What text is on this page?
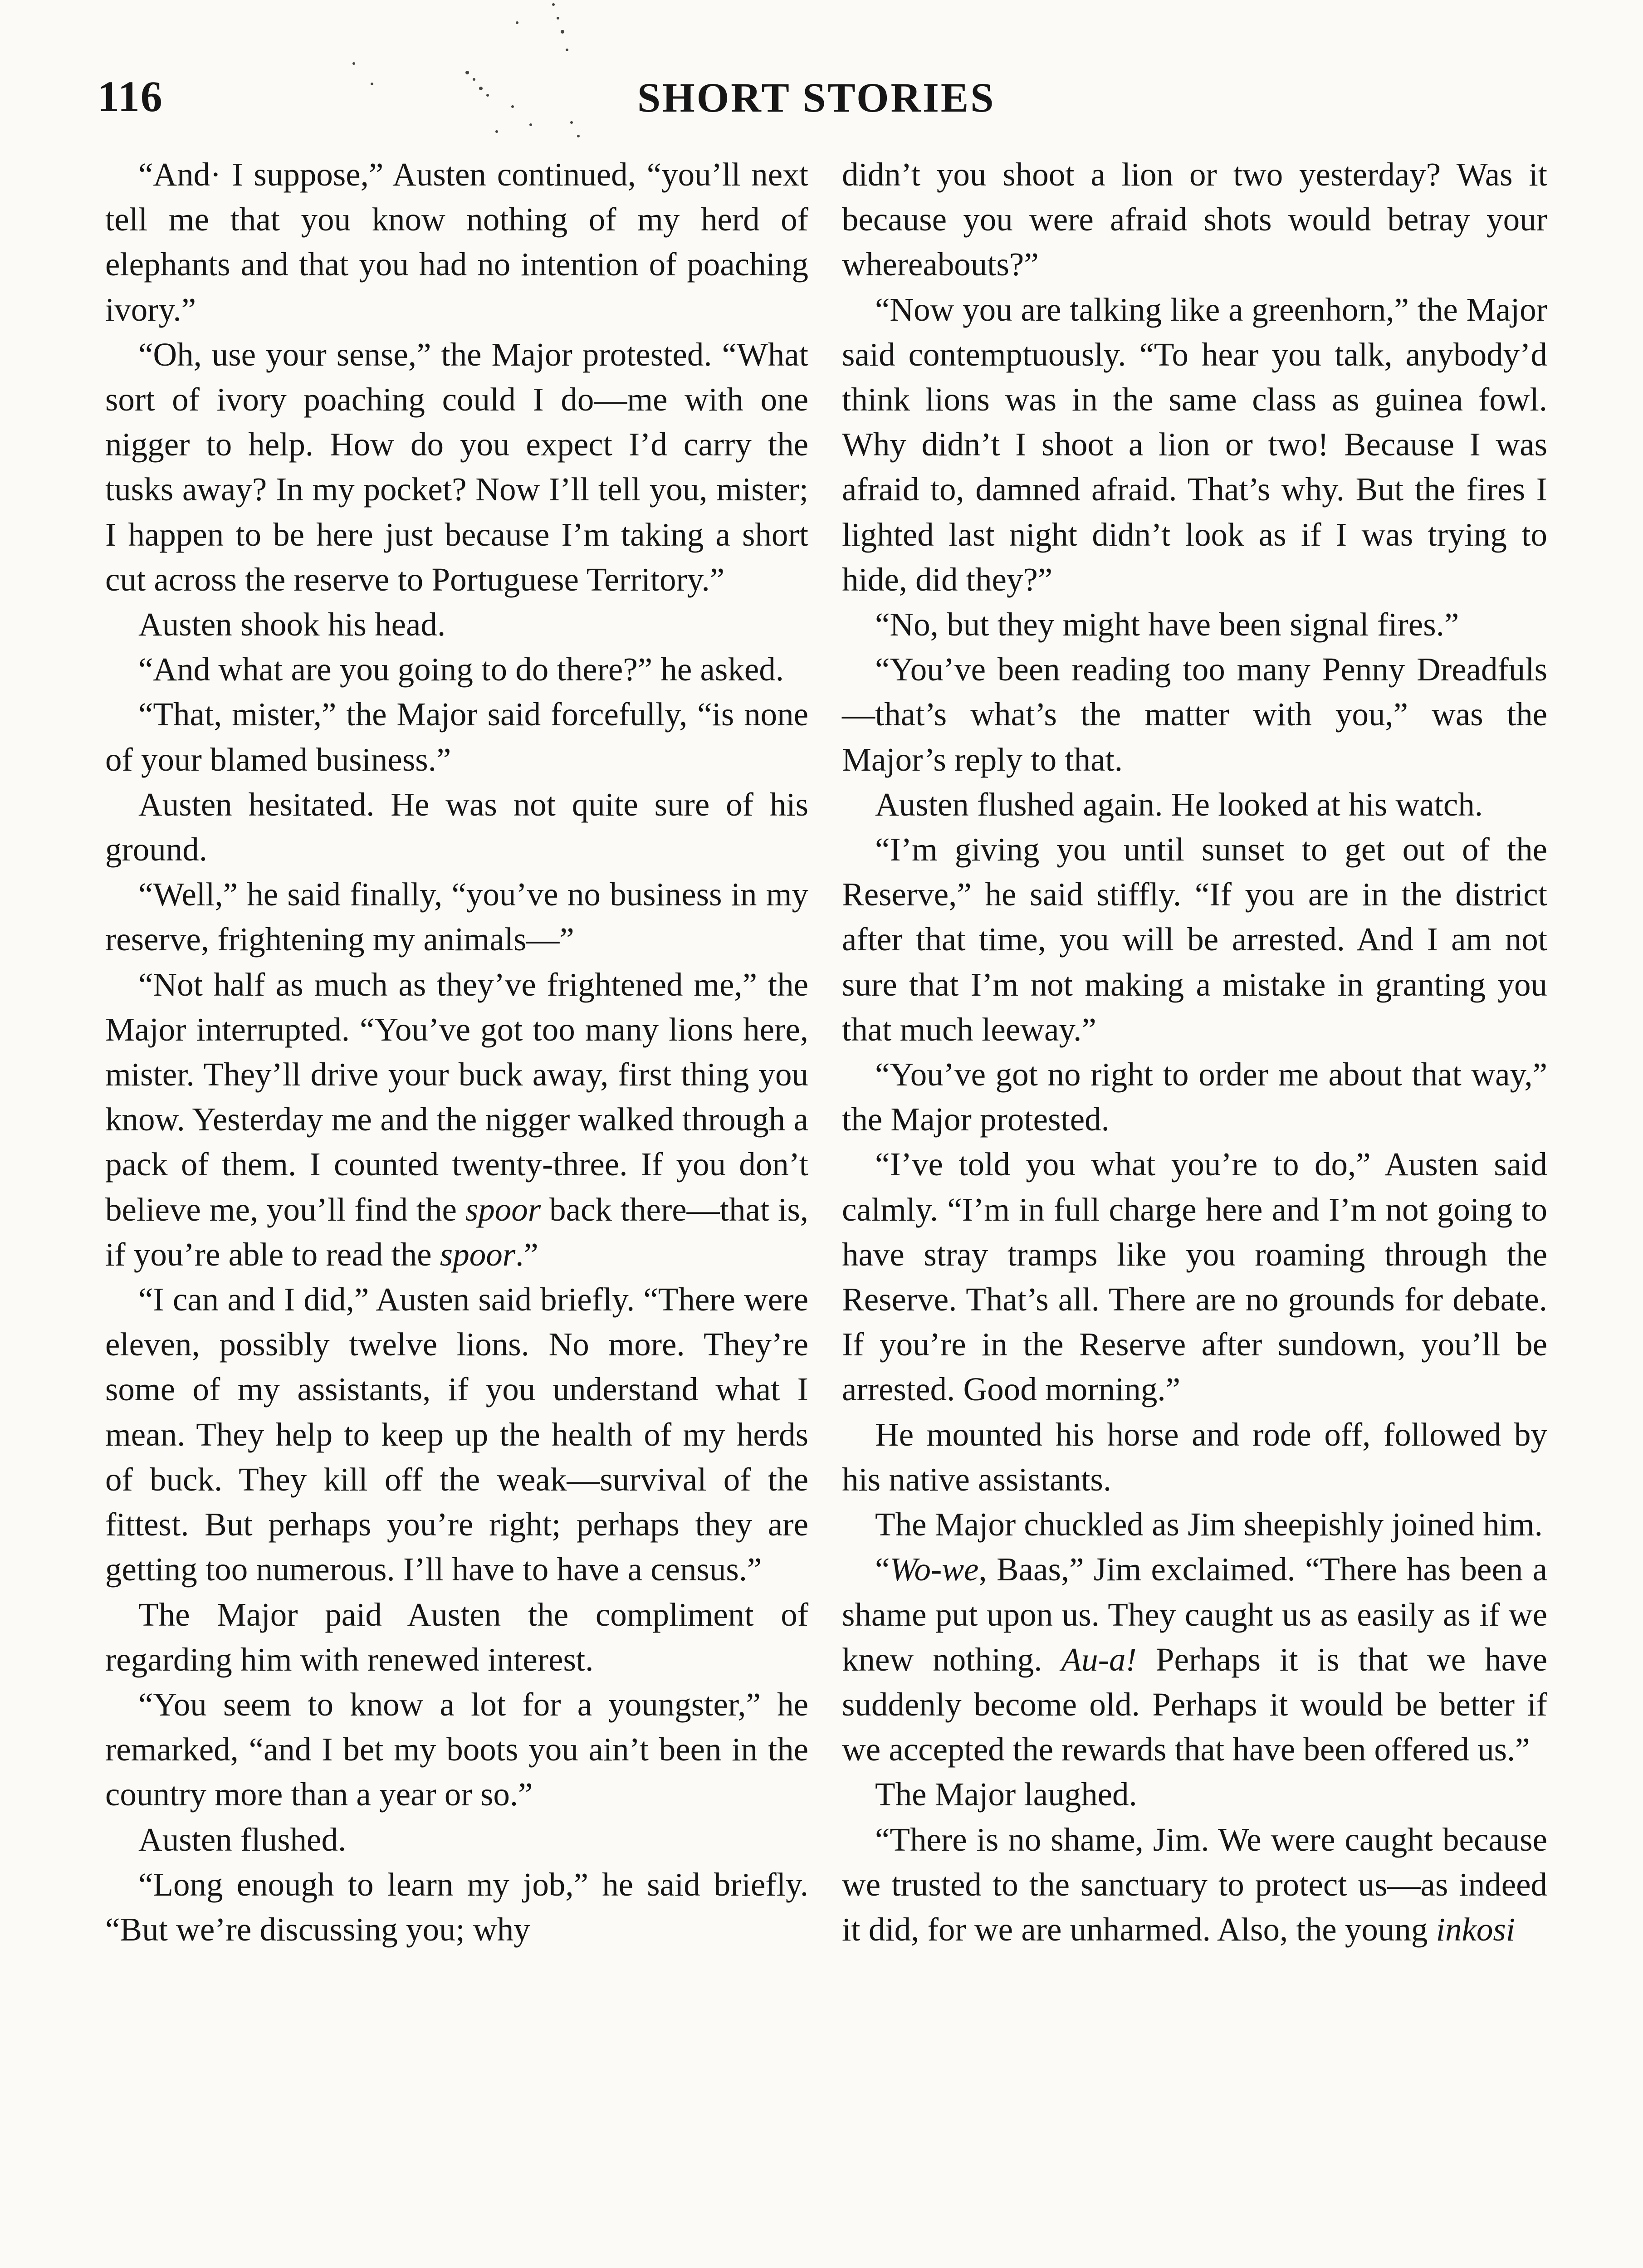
116	SHORT STORIES

“And· I suppose,” Austen continued, “you’ll next tell me that you know nothing of my herd of elephants and that you had no intention of poaching ivory.”

“Oh, use your sense,” the Major protested. “What sort of ivory poaching could I do—me with one nigger to help. How do you expect I’d carry the tusks away? In my pocket? Now I’ll tell you, mister; I happen to be here just because I’m taking a short cut across the reserve to Portuguese Territory.”

Austen shook his head.

“And what are you going to do there?” he asked.

“That, mister,” the Major said forcefully, “is none of your blamed business.”

Austen hesitated. He was not quite sure of his ground.

“Well,” he said finally, “you’ve no business in my reserve, frightening my animals—”

“Not half as much as they’ve frightened me,” the Major interrupted. “You’ve got too many lions here, mister. They’ll drive your buck away, first thing you know. Yesterday me and the nigger walked through a pack of them. I counted twenty-three. If you don’t believe me, you’ll find the spoor back there—that is, if you’re able to read the spoor.”

“I can and I did,” Austen said briefly. “There were eleven, possibly twelve lions. No more. They’re some of my assistants, if you understand what I mean. They help to keep up the health of my herds of buck. They kill off the weak—survival of the fittest. But perhaps you’re right; perhaps they are getting too numerous. I’ll have to have a census.”

The Major paid Austen the compliment of regarding him with renewed interest.

“You seem to know a lot for a youngster,” he remarked, “and I bet my boots you ain’t been in the country more than a year or so.”

Austen flushed.

“Long enough to learn my job,” he said briefly. “But we’re discussing you; why

didn’t you shoot a lion or two yesterday? Was it because you were afraid shots would betray your whereabouts?”

“Now you are talking like a greenhorn,” the Major said contemptuously. “To hear you talk, anybody’d think lions was in the same class as guinea fowl. Why didn’t I shoot a lion or two! Because I was afraid to, damned afraid. That’s why. But the fires I lighted last night didn’t look as if I was trying to hide, did they?”

“No, but they might have been signal fires.”

“You’ve been reading too many Penny Dreadfuls—that’s what’s the matter with you,” was the Major’s reply to that.

Austen flushed again. He looked at his watch.

“I’m giving you until sunset to get out of the Reserve,” he said stiffly. “If you are in the district after that time, you will be arrested. And I am not sure that I’m not making a mistake in granting you that much leeway.”

“You’ve got no right to order me about that way,” the Major protested.

“I’ve told you what you’re to do,” Austen said calmly. “I’m in full charge here and I’m not going to have stray tramps like you roaming through the Reserve. That’s all. There are no grounds for debate. If you’re in the Reserve after sundown, you’ll be arrested. Good morning.”

He mounted his horse and rode off, followed by his native assistants.

The Major chuckled as Jim sheepishly joined him.

“Wo-we, Baas,” Jim exclaimed. “There has been a shame put upon us. They caught us as easily as if we knew nothing. Au-a! Perhaps it is that we have suddenly become old. Perhaps it would be better if we accepted the rewards that have been offered us.”

The Major laughed.

“There is no shame, Jim. We were caught because we trusted to the sanctuary to protect us—as indeed it did, for we are unharmed. Also, the young inkosi
